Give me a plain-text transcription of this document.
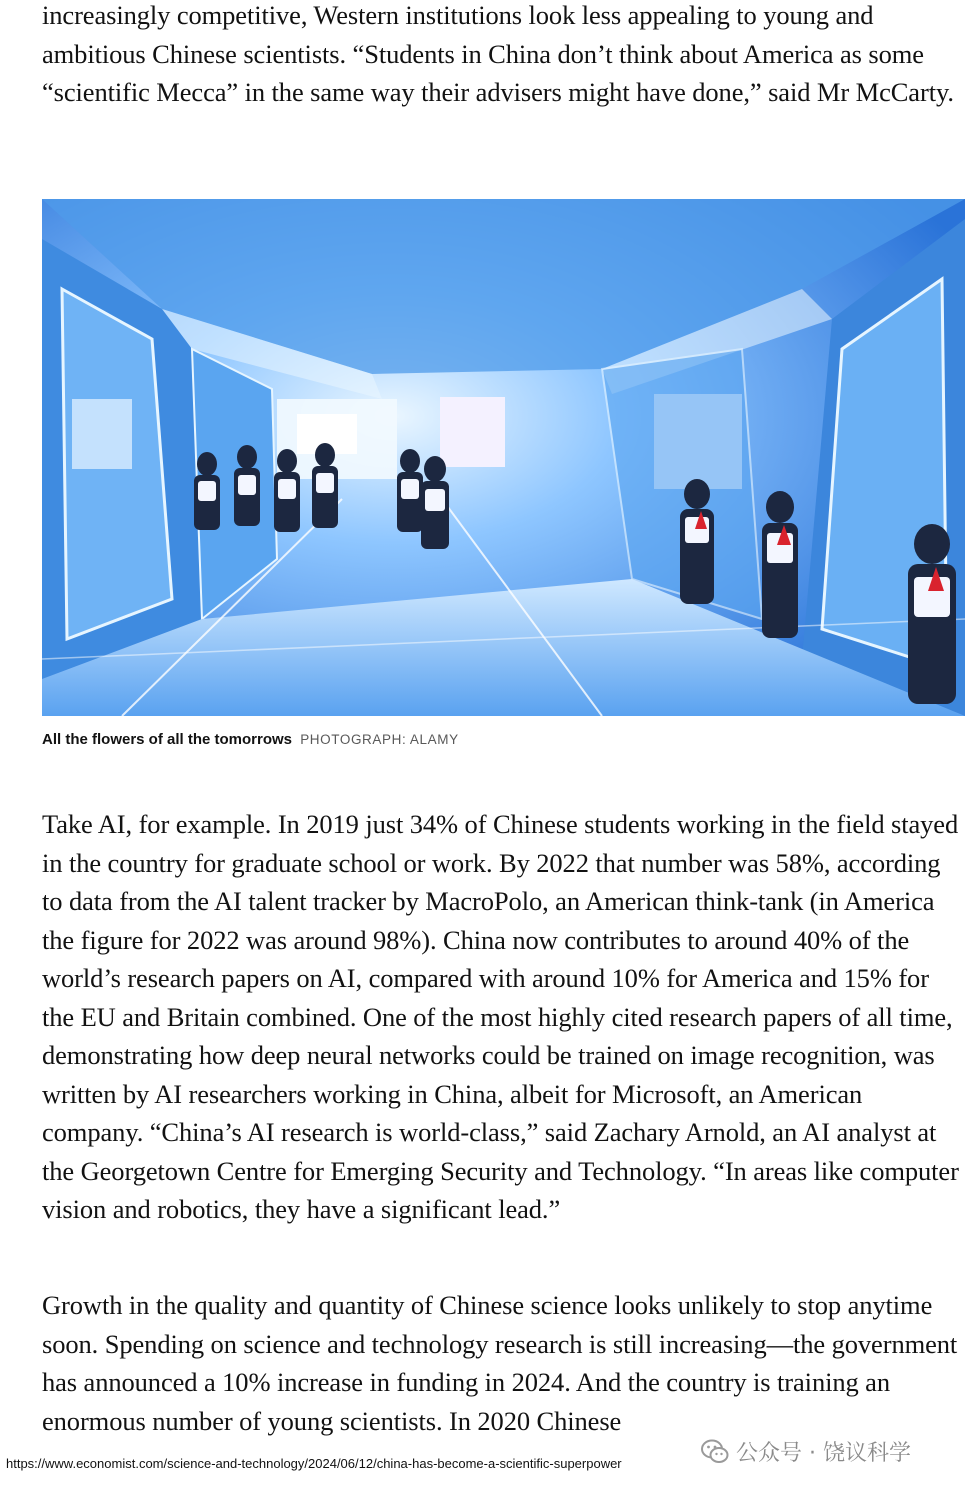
increasingly competitive, Western institutions look less appealing to young and ambitious Chinese scientists. “Students in China don’t think about America as some “scientific Mecca” in the same way their advisers might have done,” said Mr McCarty.

All the flowers of all the tomorrows PHOTOGRAPH: ALAMY

Take AI, for example. In 2019 just 34% of Chinese students working in the field stayed in the country for graduate school or work. By 2022 that number was 58%, according to data from the AI talent tracker by MacroPolo, an American think-tank (in America the figure for 2022 was around 98%). China now contributes to around 40% of the world’s research papers on AI, compared with around 10% for America and 15% for the EU and Britain combined. One of the most highly cited research papers of all time, demonstrating how deep neural networks could be trained on image recognition, was written by AI researchers working in China, albeit for Microsoft, an American company. “China’s AI research is world-class,” said Zachary Arnold, an AI analyst at the Georgetown Centre for Emerging Security and Technology. “In areas like computer vision and robotics, they have a significant lead.”

Growth in the quality and quantity of Chinese science looks unlikely to stop anytime soon. Spending on science and technology research is still increasing—the government has announced a 10% increase in funding in 2024. And the country is training an enormous number of young scientists. In 2020 Chinese

https://www.economist.com/science-and-technology/2024/06/12/china-has-become-a-scientific-superpower	公众号 · 饶议科学
